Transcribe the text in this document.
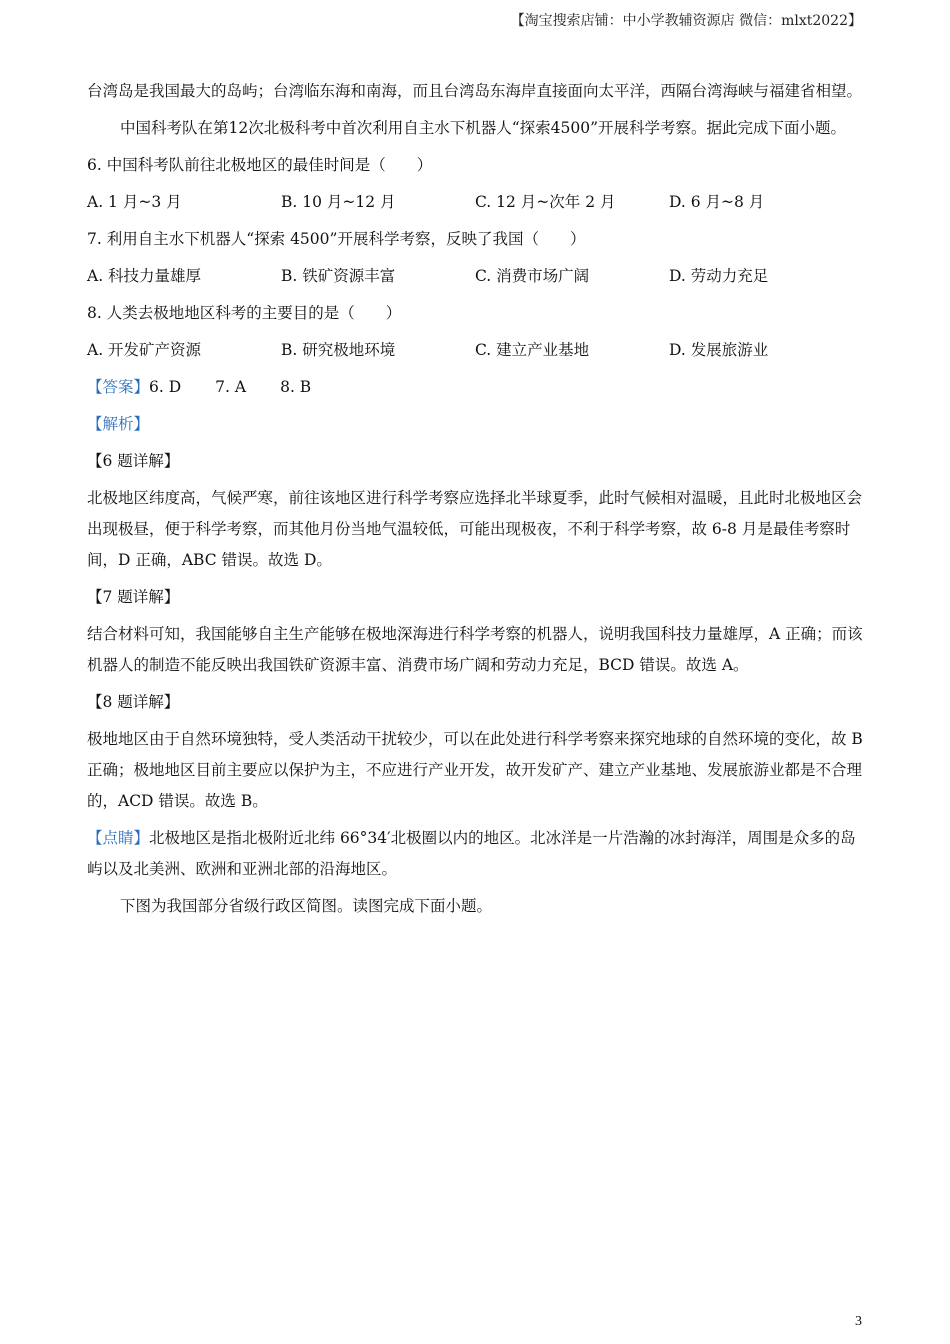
【淘宝搜索店铺：中小学教辅资源店 微信：mlxt2022】

台湾岛是我国最大的岛屿；台湾临东海和南海，而且台湾岛东海岸直接面向太平洋，西隔台湾海峡与福建省相望。

中国科考队在第12次北极科考中首次利用自主水下机器人“探索4500”开展科学考察。据此完成下面小题。

6. 中国科考队前往北极地区的最佳时间是（　　）

A. 1 月~3 月	B. 10 月~12 月	C. 12 月~次年 2 月	D. 6 月~8 月

7. 利用自主水下机器人“探索 4500”开展科学考察，反映了我国（　　）

A. 科技力量雄厚	B. 铁矿资源丰富	C. 消费市场广阔	D. 劳动力充足

8. 人类去极地地区科考的主要目的是（　　）

A. 开发矿产资源	B. 研究极地环境	C. 建立产业基地	D. 发展旅游业

【答案】6. D 7. A 8. B

【解析】

【6 题详解】

北极地区纬度高，气候严寒，前往该地区进行科学考察应选择北半球夏季，此时气候相对温暖，且此时北极地区会出现极昼，便于科学考察，而其他月份当地气温较低，可能出现极夜，不利于科学考察，故 6-8 月是最佳考察时间，D 正确，ABC 错误。故选 D。

【7 题详解】

结合材料可知，我国能够自主生产能够在极地深海进行科学考察的机器人，说明我国科技力量雄厚，A 正确；而该机器人的制造不能反映出我国铁矿资源丰富、消费市场广阔和劳动力充足，BCD 错误。故选 A。

【8 题详解】

极地地区由于自然环境独特，受人类活动干扰较少，可以在此处进行科学考察来探究地球的自然环境的变化，故 B 正确；极地地区目前主要应以保护为主，不应进行产业开发，故开发矿产、建立产业基地、发展旅游业都是不合理的，ACD 错误。故选 B。

【点睛】北极地区是指北极附近北纬 66°34′北极圈以内的地区。北冰洋是一片浩瀚的冰封海洋，周围是众多的岛屿以及北美洲、欧洲和亚洲北部的沿海地区。

下图为我国部分省级行政区简图。读图完成下面小题。

3
